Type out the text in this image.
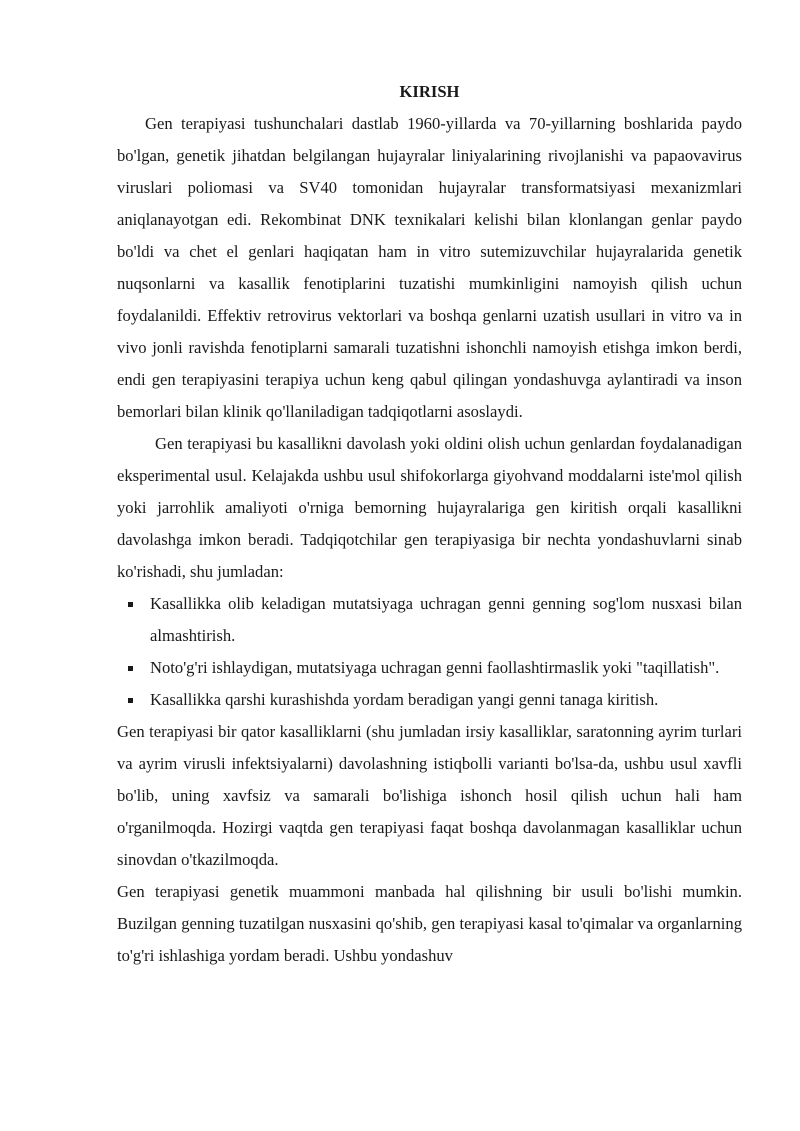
KIRISH

Gen terapiyasi tushunchalari dastlab 1960-yillarda va 70-yillarning boshlarida paydo bo'lgan, genetik jihatdan belgilangan hujayralar liniyalarining rivojlanishi va papaovavirus viruslari poliomasi va SV40 tomonidan hujayralar transformatsiyasi mexanizmlari aniqlanayotgan edi. Rekombinat DNK texnikalari kelishi bilan klonlangan genlar paydo bo'ldi va chet el genlari haqiqatan ham in vitro sutemizuvchilar hujayralarida genetik nuqsonlarni va kasallik fenotiplarini tuzatishi mumkinligini namoyish qilish uchun foydalanildi. Effektiv retrovirus vektorlari va boshqa genlarni uzatish usullari in vitro va in vivo jonli ravishda fenotiplarni samarali tuzatishni ishonchli namoyish etishga imkon berdi, endi gen terapiyasini terapiya uchun keng qabul qilingan yondashuvga aylantiradi va inson bemorlari bilan klinik qo'llaniladigan tadqiqotlarni asoslaydi.

Gen terapiyasi bu kasallikni davolash yoki oldini olish uchun genlardan foydalanadigan eksperimental usul. Kelajakda ushbu usul shifokorlarga giyohvand moddalarni iste'mol qilish yoki jarrohlik amaliyoti o'rniga bemorning hujayralariga gen kiritish orqali kasallikni davolashga imkon beradi. Tadqiqotchilar gen terapiyasiga bir nechta yondashuvlarni sinab ko'rishadi, shu jumladan:

Kasallikka olib keladigan mutatsiyaga uchragan genni genning sog'lom nusxasi bilan almashtirish.
Noto'g'ri ishlaydigan, mutatsiyaga uchragan genni faollashtirmaslik yoki "taqillatish".
Kasallikka qarshi kurashishda yordam beradigan yangi genni tanaga kiritish.

Gen terapiyasi bir qator kasalliklarni (shu jumladan irsiy kasalliklar, saratonning ayrim turlari va ayrim virusli infektsiyalarni) davolashning istiqbolli varianti bo'lsa-da, ushbu usul xavfli bo'lib, uning xavfsiz va samarali bo'lishiga ishonch hosil qilish uchun hali ham o'rganilmoqda. Hozirgi vaqtda gen terapiyasi faqat boshqa davolanmagan kasalliklar uchun sinovdan o'tkazilmoqda.

Gen terapiyasi genetik muammoni manbada hal qilishning bir usuli bo'lishi mumkin. Buzilgan genning tuzatilgan nusxasini qo'shib, gen terapiyasi kasal to'qimalar va organlarning to'g'ri ishlashiga yordam beradi. Ushbu yondashuv
